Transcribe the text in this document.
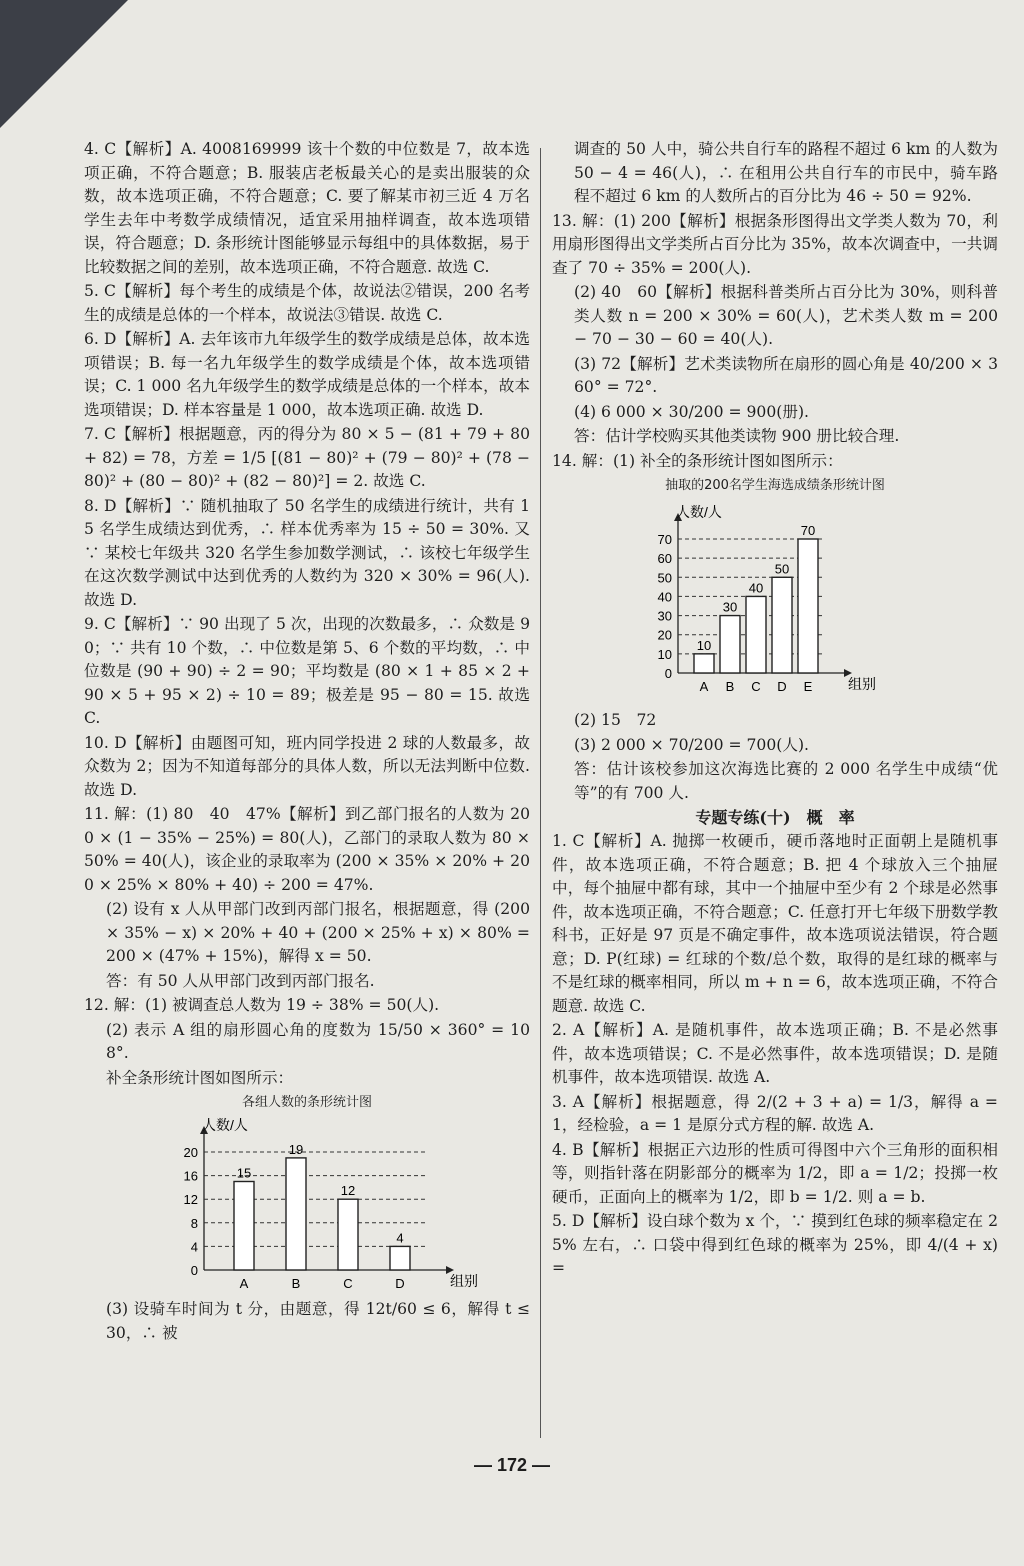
4. C【解析】A. 4008169999 该十个数的中位数是 7，故本选项正确，不符合题意；B. 服装店老板最关心的是卖出服装的众数，故本选项正确，不符合题意；C. 要了解某市初三近 4 万名学生去年中考数学成绩情况，适宜采用抽样调查，故本选项错误，符合题意；D. 条形统计图能够显示每组中的具体数据，易于比较数据之间的差别，故本选项正确，不符合题意. 故选 C.

5. C【解析】每个考生的成绩是个体，故说法②错误，200 名考生的成绩是总体的一个样本，故说法③错误. 故选 C.

6. D【解析】A. 去年该市九年级学生的数学成绩是总体，故本选项错误；B. 每一名九年级学生的数学成绩是个体，故本选项错误；C. 1 000 名九年级学生的数学成绩是总体的一个样本，故本选项错误；D. 样本容量是 1 000，故本选项正确. 故选 D.

7. C【解析】根据题意，丙的得分为 80 × 5 − (81 + 79 + 80 + 82) = 78，方差 = 1/5 [(81 − 80)² + (79 − 80)² + (78 − 80)² + (80 − 80)² + (82 − 80)²] = 2. 故选 C.

8. D【解析】∵ 随机抽取了 50 名学生的成绩进行统计，共有 15 名学生成绩达到优秀，∴ 样本优秀率为 15 ÷ 50 = 30%. 又 ∵ 某校七年级共 320 名学生参加数学测试，∴ 该校七年级学生在这次数学测试中达到优秀的人数约为 320 × 30% = 96(人). 故选 D.

9. C【解析】∵ 90 出现了 5 次，出现的次数最多，∴ 众数是 90；∵ 共有 10 个数，∴ 中位数是第 5、6 个数的平均数，∴ 中位数是 (90 + 90) ÷ 2 = 90；平均数是 (80 × 1 + 85 × 2 + 90 × 5 + 95 × 2) ÷ 10 = 89；极差是 95 − 80 = 15. 故选 C.

10. D【解析】由题图可知，班内同学投进 2 球的人数最多，故众数为 2；因为不知道每部分的具体人数，所以无法判断中位数. 故选 D.

11. 解：(1) 80　40　47%【解析】到乙部门报名的人数为 200 × (1 − 35% − 25%) = 80(人)，乙部门的录取人数为 80 × 50% = 40(人)，该企业的录取率为 (200 × 35% × 20% + 200 × 25% × 80% + 40) ÷ 200 = 47%.

(2) 设有 x 人从甲部门改到丙部门报名，根据题意，得 (200 × 35% − x) × 20% + 40 + (200 × 25% + x) × 80% = 200 × (47% + 15%)，解得 x = 50.

答：有 50 人从甲部门改到丙部门报名.

12. 解：(1) 被调查总人数为 19 ÷ 38% = 50(人).

(2) 表示 A 组的扇形圆心角的度数为 15/50 × 360° = 108°.

补全条形统计图如图所示：

各组人数的条形统计图

人数/人
组别
0
4
8
12
16
20
15
A
19
B
12
C
4
D

(3) 设骑车时间为 t 分，由题意，得 12t/60 ≤ 6，解得 t ≤ 30，∴ 被

调查的 50 人中，骑公共自行车的路程不超过 6 km 的人数为 50 − 4 = 46(人)，∴ 在租用公共自行车的市民中，骑车路程不超过 6 km 的人数所占的百分比为 46 ÷ 50 = 92%.

13. 解：(1) 200【解析】根据条形图得出文学类人数为 70，利用扇形图得出文学类所占百分比为 35%，故本次调查中，一共调查了 70 ÷ 35% = 200(人).

(2) 40　60【解析】根据科普类所占百分比为 30%，则科普类人数 n = 200 × 30% = 60(人)，艺术类人数 m = 200 − 70 − 30 − 60 = 40(人).

(3) 72【解析】艺术类读物所在扇形的圆心角是 40/200 × 360° = 72°.

(4) 6 000 × 30/200 = 900(册).

答：估计学校购买其他类读物 900 册比较合理.

14. 解：(1) 补全的条形统计图如图所示：

抽取的200名学生海选成绩条形统计图

人数/人
组别
0
10
20
30
40
50
60
70
10
A
30
B
40
C
50
D
70
E

(2) 15　72

(3) 2 000 × 70/200 = 700(人).

答：估计该校参加这次海选比赛的 2 000 名学生中成绩“优等”的有 700 人.

专题专练(十)　概　率

1. C【解析】A. 抛掷一枚硬币，硬币落地时正面朝上是随机事件，故本选项正确，不符合题意；B. 把 4 个球放入三个抽屉中，每个抽屉中都有球，其中一个抽屉中至少有 2 个球是必然事件，故本选项正确，不符合题意；C. 任意打开七年级下册数学教科书，正好是 97 页是不确定事件，故本选项说法错误，符合题意；D. P(红球) = 红球的个数/总个数，取得的是红球的概率与不是红球的概率相同，所以 m + n = 6，故本选项正确，不符合题意. 故选 C.

2. A【解析】A. 是随机事件，故本选项正确；B. 不是必然事件，故本选项错误；C. 不是必然事件，故本选项错误；D. 是随机事件，故本选项错误. 故选 A.

3. A【解析】根据题意，得 2/(2 + 3 + a) = 1/3，解得 a = 1，经检验，a = 1 是原分式方程的解. 故选 A.

4. B【解析】根据正六边形的性质可得图中六个三角形的面积相等，则指针落在阴影部分的概率为 1/2，即 a = 1/2；投掷一枚硬币，正面向上的概率为 1/2，即 b = 1/2. 则 a = b.

5. D【解析】设白球个数为 x 个，∵ 摸到红色球的频率稳定在 25% 左右，∴ 口袋中得到红色球的概率为 25%，即 4/(4 + x) =

— 172 —
